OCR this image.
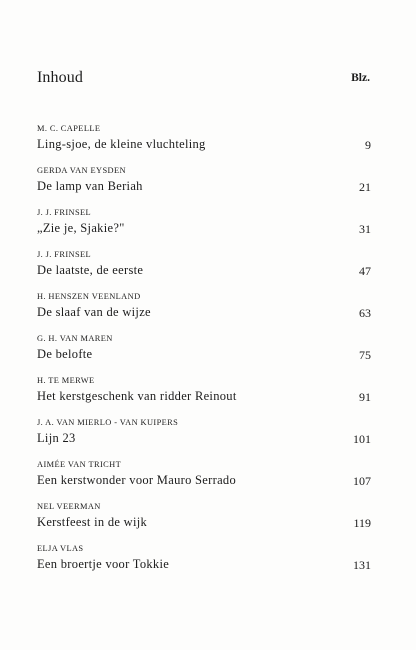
Inhoud	Blz.
M. C. CAPELLE
Ling-sjoe, de kleine vluchteling	9
GERDA VAN EYSDEN
De lamp van Beriah	21
J. J. FRINSEL
„Zie je, Sjakie?"	31
J. J. FRINSEL
De laatste, de eerste	47
H. HENSZEN VEENLAND
De slaaf van de wijze	63
G. H. VAN MAREN
De belofte	75
H. TE MERWE
Het kerstgeschenk van ridder Reinout	91
J. A. VAN MIERLO - VAN KUIPERS
Lijn 23	101
AIMÉE VAN TRICHT
Een kerstwonder voor Mauro Serrado	107
NEL VEERMAN
Kerstfeest in de wijk	119
ELJA VLAS
Een broertje voor Tokkie	131
